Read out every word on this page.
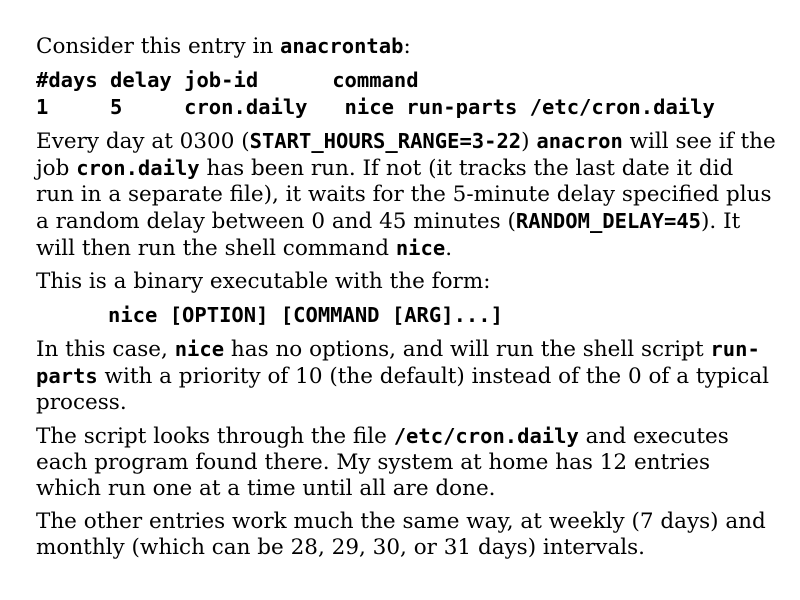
Consider this entry in anacrontab:

#days delay job-id      command
1     5     cron.daily   nice run-parts /etc/cron.daily

Every day at 0300 (START_HOURS_RANGE=3-22) anacron will see if the job cron.daily has been run. If not (it tracks the last date it did run in a separate file), it waits for the 5-minute delay specified plus a random delay between 0 and 45 minutes (RANDOM_DELAY=45). It will then run the shell command nice.

This is a binary executable with the form:

nice [OPTION] [COMMAND [ARG]...]

In this case, nice has no options, and will run the shell script run-parts with a priority of 10 (the default) instead of the 0 of a typical process.

The script looks through the file /etc/cron.daily and executes each program found there. My system at home has 12 entries which run one at a time until all are done.

The other entries work much the same way, at weekly (7 days) and monthly (which can be 28, 29, 30, or 31 days) intervals.
